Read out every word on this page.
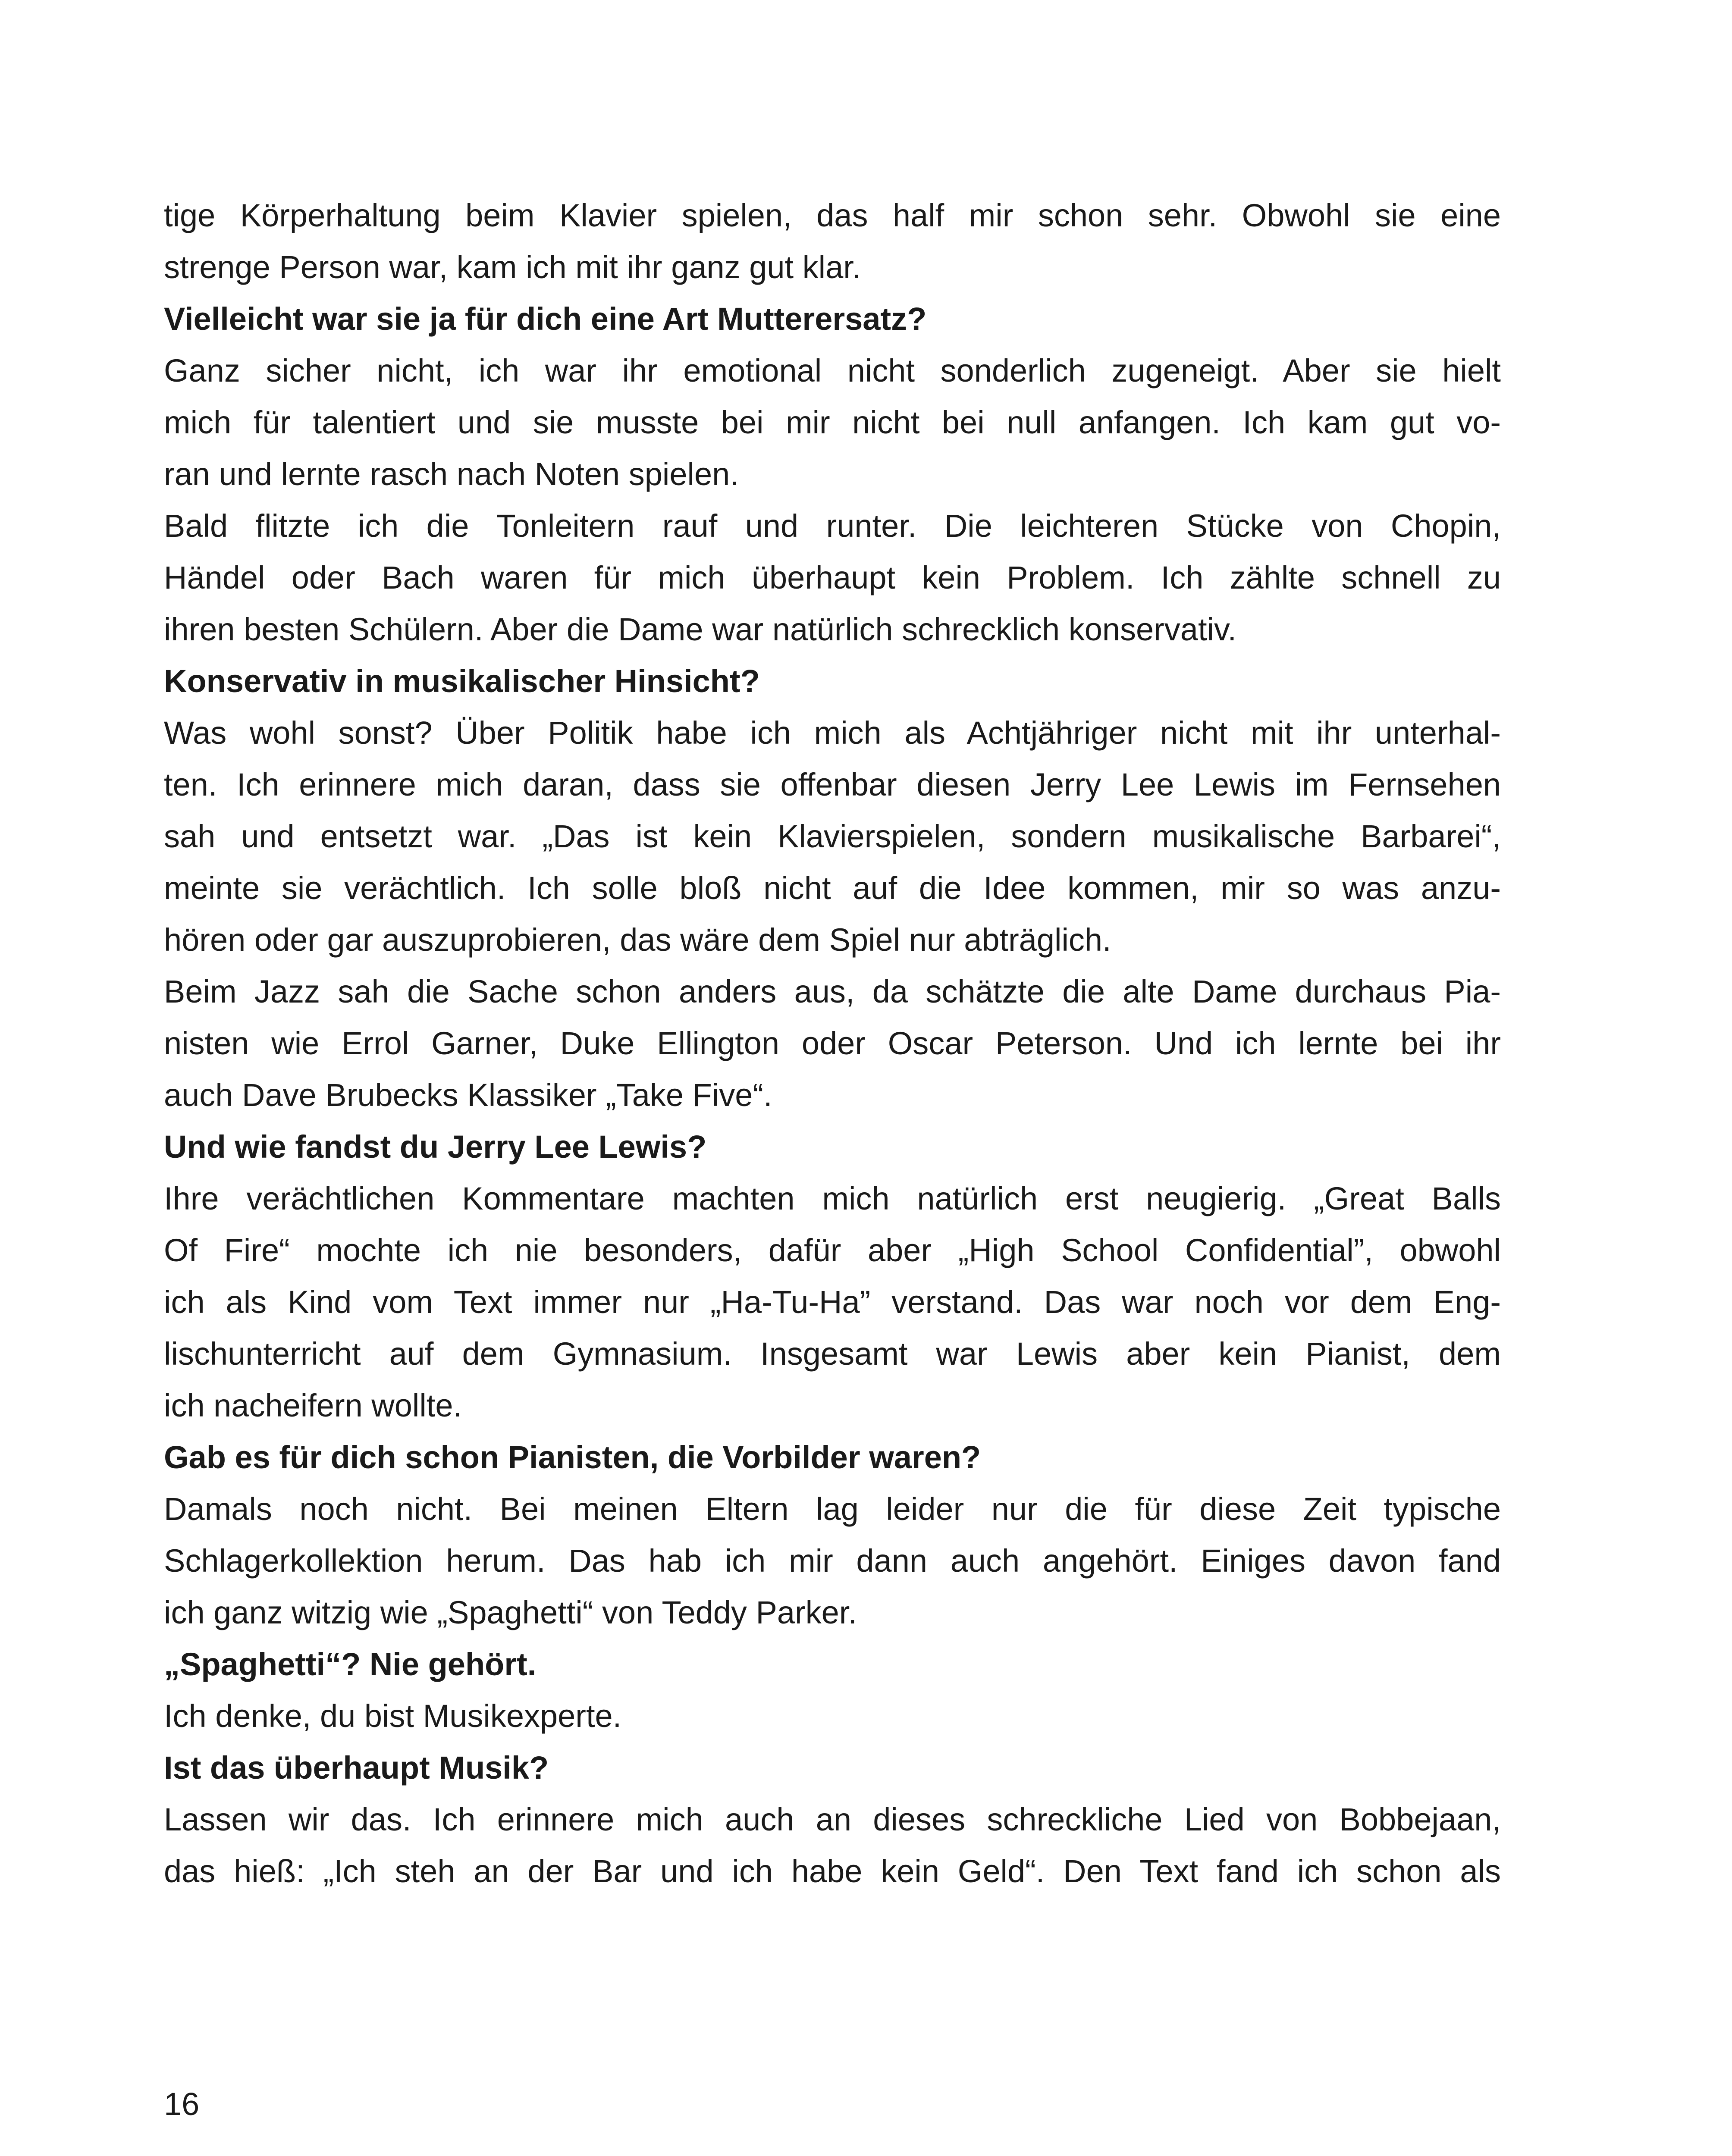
tige Körperhaltung beim Klavier spielen, das half mir schon sehr. Obwohl sie eine
strenge Person war, kam ich mit ihr ganz gut klar.
Vielleicht war sie ja für dich eine Art Mutterersatz?
Ganz sicher nicht, ich war ihr emotional nicht sonderlich zugeneigt. Aber sie hielt
mich für talentiert und sie musste bei mir nicht bei null anfangen. Ich kam gut vo-
ran und lernte rasch nach Noten spielen.
Bald flitzte ich die Tonleitern rauf und runter. Die leichteren Stücke von Chopin,
Händel oder Bach waren für mich überhaupt kein Problem. Ich zählte schnell zu
ihren besten Schülern. Aber die Dame war natürlich schrecklich konservativ.
Konservativ in musikalischer Hinsicht?
Was wohl sonst? Über Politik habe ich mich als Achtjähriger nicht mit ihr unterhal-
ten. Ich erinnere mich daran, dass sie offenbar diesen Jerry Lee Lewis im Fernsehen
sah und entsetzt war. „Das ist kein Klavierspielen, sondern musikalische Barbarei“,
meinte sie verächtlich. Ich solle bloß nicht auf die Idee kommen, mir so was anzu-
hören oder gar auszuprobieren, das wäre dem Spiel nur abträglich.
Beim Jazz sah die Sache schon anders aus, da schätzte die alte Dame durchaus Pia-
nisten wie Errol Garner, Duke Ellington oder Oscar Peterson. Und ich lernte bei ihr
auch Dave Brubecks Klassiker „Take Five“.
Und wie fandst du Jerry Lee Lewis?
Ihre verächtlichen Kommentare machten mich natürlich erst neugierig. „Great Balls
Of Fire“ mochte ich nie besonders, dafür aber „High School Confidential”, obwohl
ich als Kind vom Text immer nur „Ha-Tu-Ha” verstand. Das war noch vor dem Eng-
lischunterricht auf dem Gymnasium. Insgesamt war Lewis aber kein Pianist, dem
ich nacheifern wollte.
Gab es für dich schon Pianisten, die Vorbilder waren?
Damals noch nicht. Bei meinen Eltern lag leider nur die für diese Zeit typische
Schlagerkollektion herum. Das hab ich mir dann auch angehört. Einiges davon fand
ich ganz witzig wie „Spaghetti“ von Teddy Parker.
„Spaghetti“? Nie gehört.
Ich denke, du bist Musikexperte.
Ist das überhaupt Musik?
Lassen wir das. Ich erinnere mich auch an dieses schreckliche Lied von Bobbejaan,
das hieß: „Ich steh an der Bar und ich habe kein Geld“. Den Text fand ich schon als
16
